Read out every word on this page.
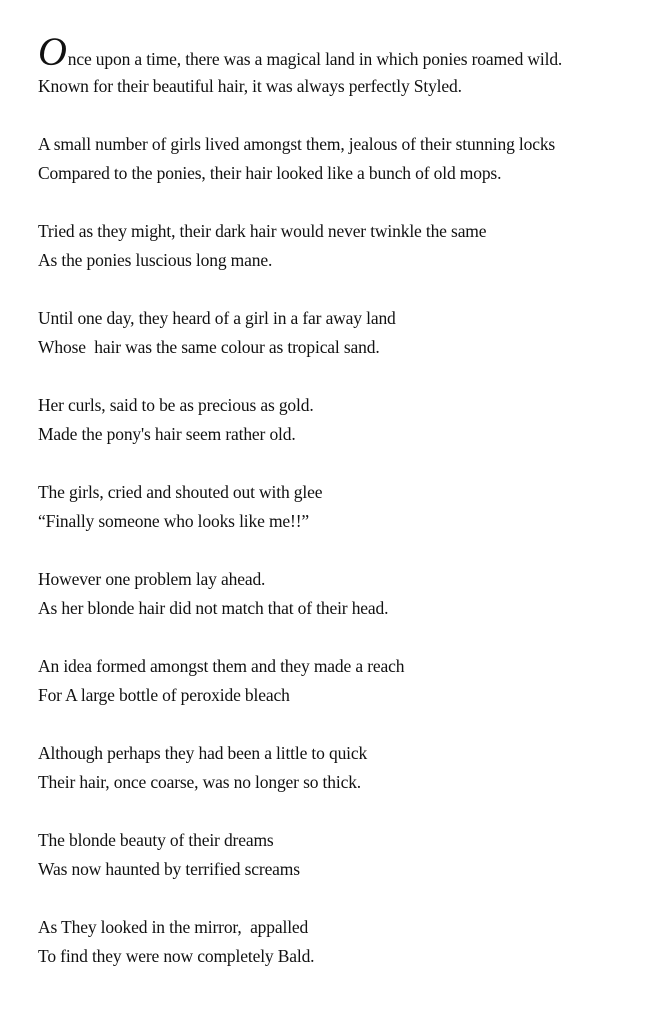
Once upon a time, there was a magical land in which ponies roamed wild.
Known for their beautiful hair, it was always perfectly Styled.
A small number of girls lived amongst them, jealous of their stunning locks
Compared to the ponies, their hair looked like a bunch of old mops.
Tried as they might, their dark hair would never twinkle the same
As the ponies luscious long mane.
Until one day, they heard of a girl in a far away land
Whose  hair was the same colour as tropical sand.
Her curls, said to be as precious as gold.
Made the pony's hair seem rather old.
The girls, cried and shouted out with glee
“Finally someone who looks like me!!”
However one problem lay ahead.
As her blonde hair did not match that of their head.
An idea formed amongst them and they made a reach
For A large bottle of peroxide bleach
Although perhaps they had been a little to quick
Their hair, once coarse, was no longer so thick.
The blonde beauty of their dreams
Was now haunted by terrified screams
As They looked in the mirror,  appalled
To find they were now completely Bald.
